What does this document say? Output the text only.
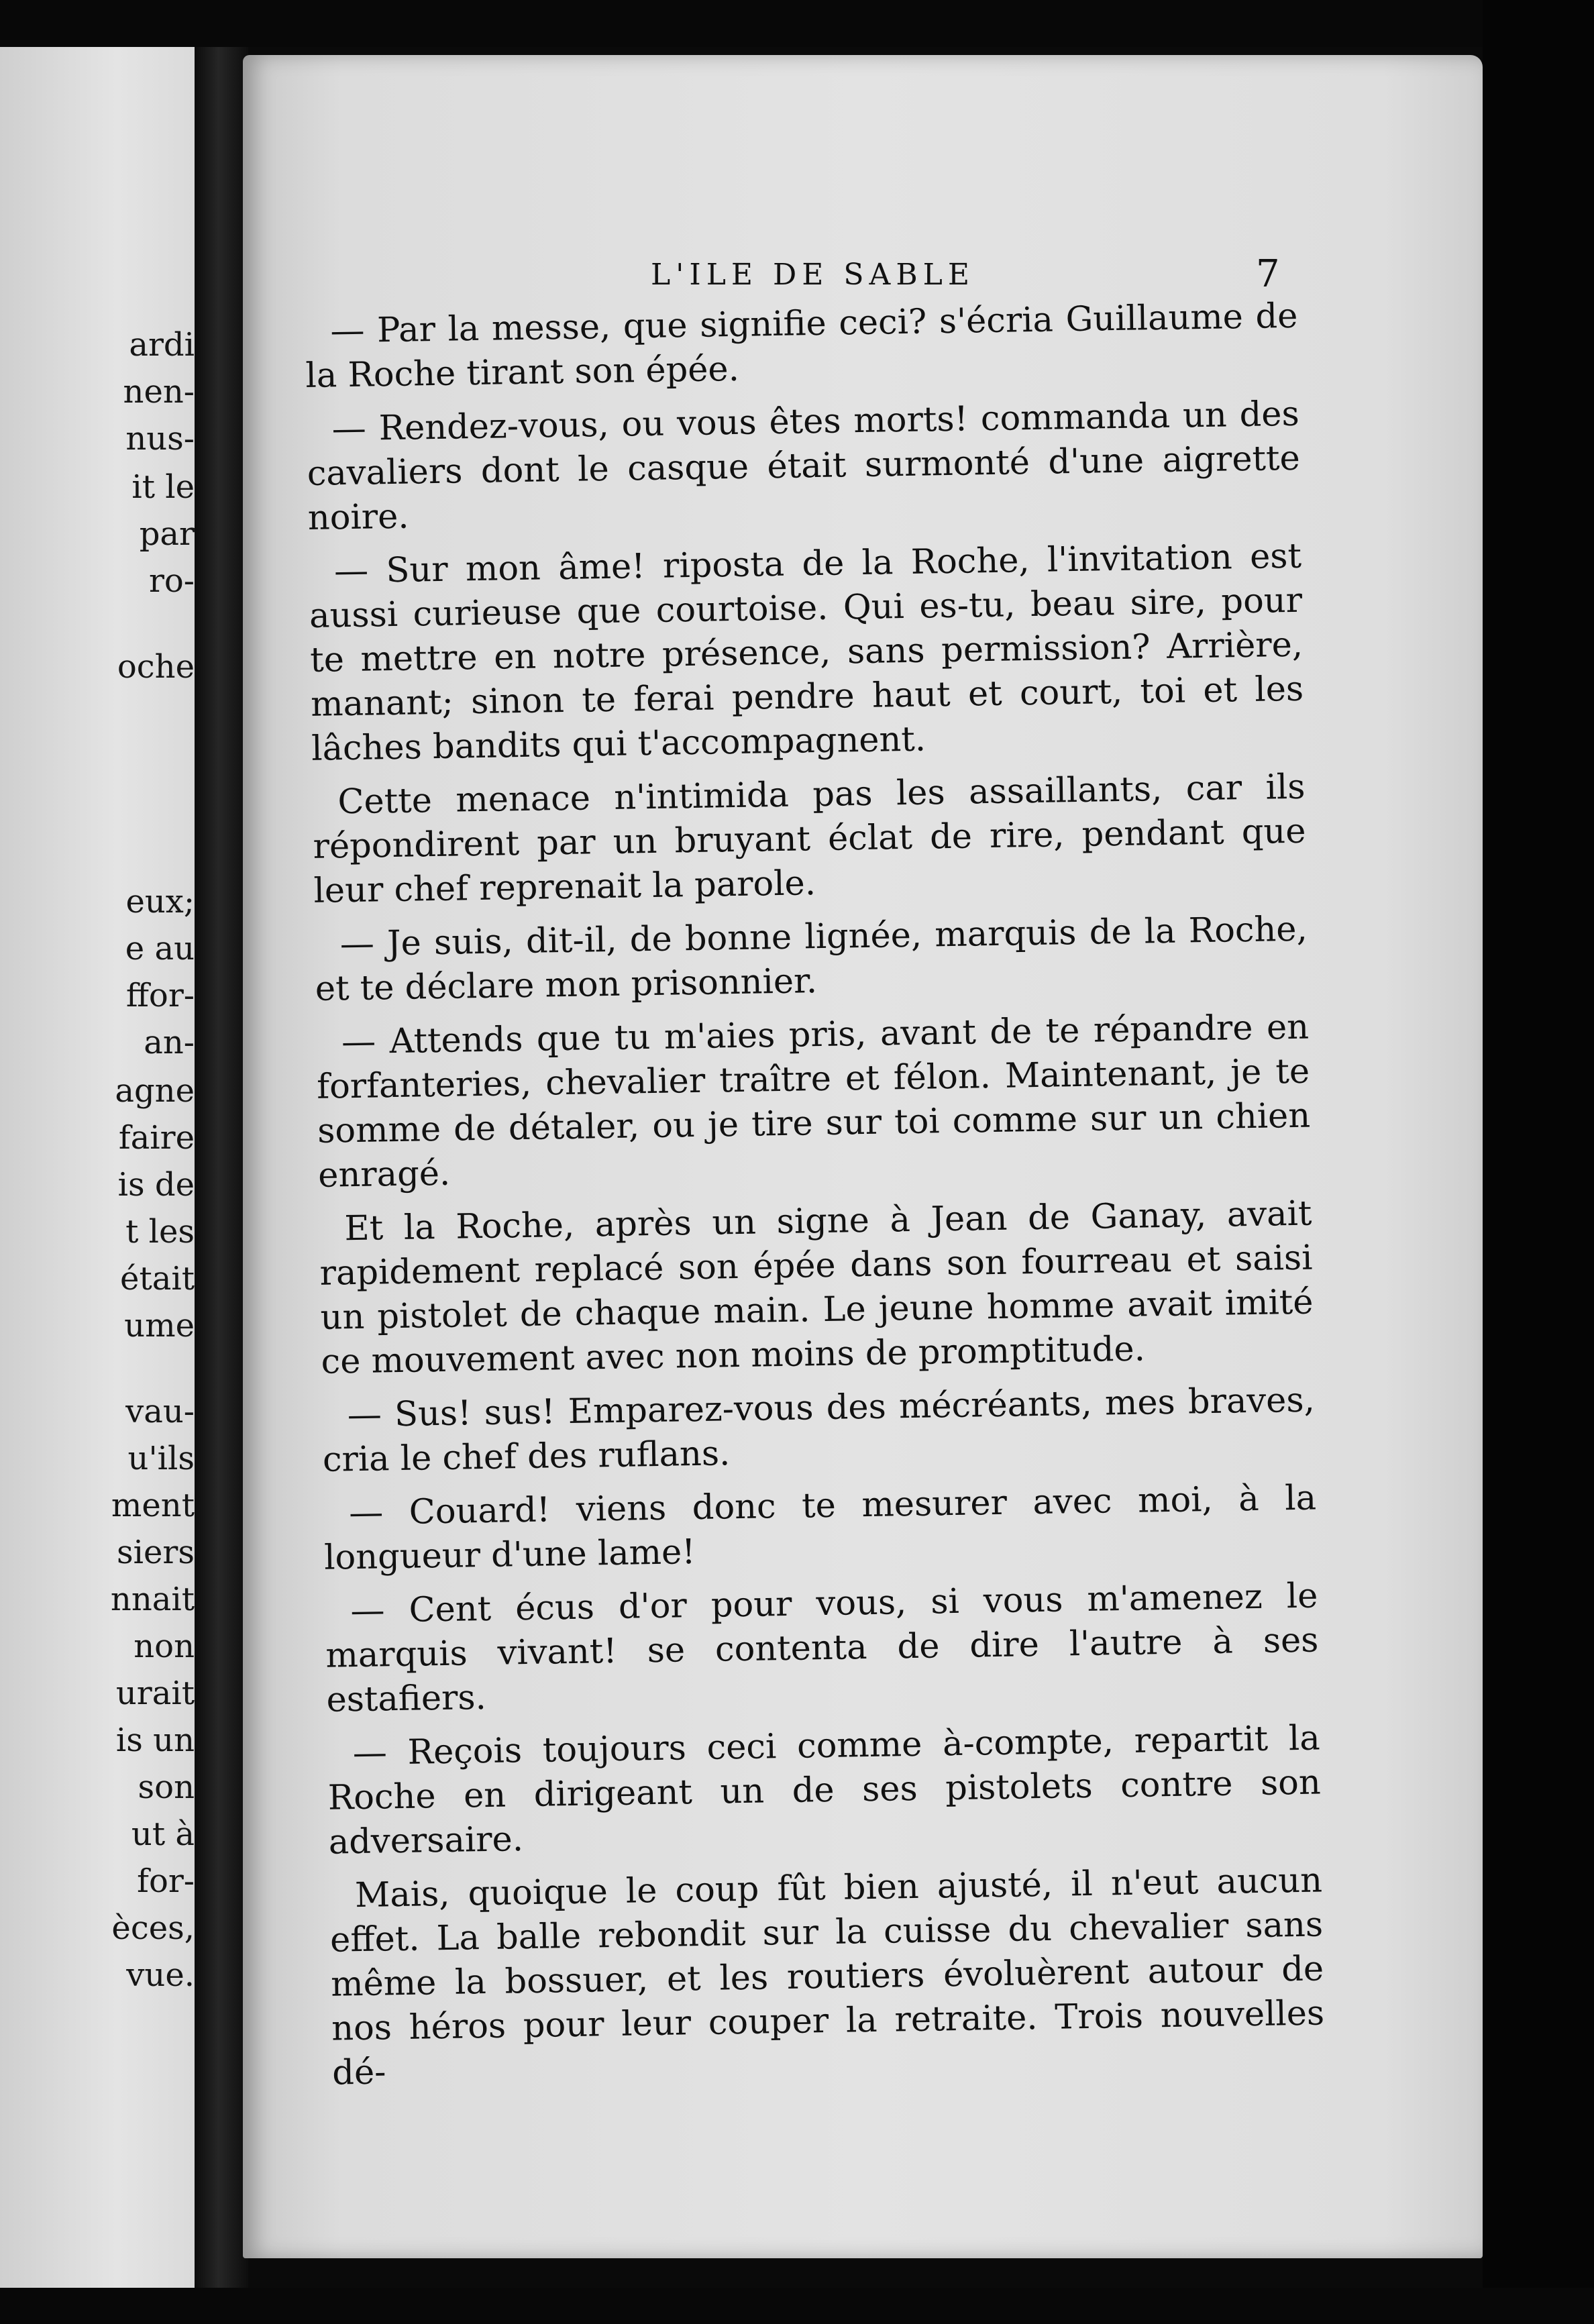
ardi
nen-
nus-
it le
par
ro-
oche
eux;
e au
ffor-
an-
agne
faire
is de
t les
était
ume
vau-
u'ils
ment
siers
nnait
non
urait
is un
son
ut à
for-
èces,
vue.
L'ILE DE SABLE	7

— Par la messe, que signifie ceci? s'écria Guillaume de la Roche tirant son épée.

— Rendez-vous, ou vous êtes morts! commanda un des cavaliers dont le casque était surmonté d'une aigrette noire.

— Sur mon âme! riposta de la Roche, l'invitation est aussi curieuse que courtoise. Qui es-tu, beau sire, pour te mettre en notre présence, sans permission? Arrière, manant; sinon te ferai pendre haut et court, toi et les lâches bandits qui t'accompagnent.

Cette menace n'intimida pas les assaillants, car ils répondirent par un bruyant éclat de rire, pendant que leur chef reprenait la parole.

— Je suis, dit-il, de bonne lignée, marquis de la Roche, et te déclare mon prisonnier.

— Attends que tu m'aies pris, avant de te répandre en forfanteries, chevalier traître et félon. Maintenant, je te somme de détaler, ou je tire sur toi comme sur un chien enragé.

Et la Roche, après un signe à Jean de Ganay, avait rapidement replacé son épée dans son fourreau et saisi un pistolet de chaque main. Le jeune homme avait imité ce mouvement avec non moins de promptitude.

— Sus! sus! Emparez-vous des mécréants, mes braves, cria le chef des ruflans.

— Couard! viens donc te mesurer avec moi, à la longueur d'une lame!

— Cent écus d'or pour vous, si vous m'amenez le marquis vivant! se contenta de dire l'autre à ses estafiers.

— Reçois toujours ceci comme à-compte, repartit la Roche en dirigeant un de ses pistolets contre son adversaire.

Mais, quoique le coup fût bien ajusté, il n'eut aucun effet. La balle rebondit sur la cuisse du chevalier sans même la bossuer, et les routiers évoluèrent autour de nos héros pour leur couper la retraite. Trois nouvelles dé-
